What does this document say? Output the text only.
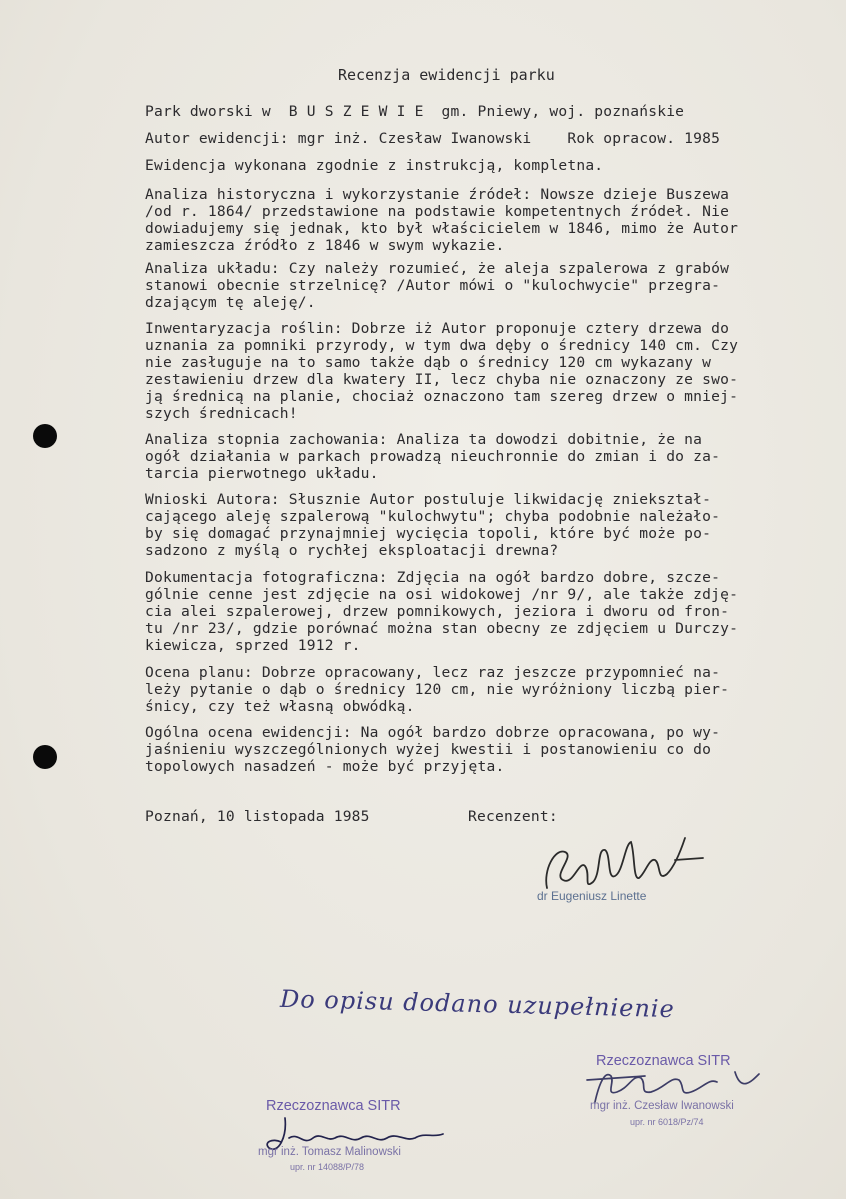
Recenzja ewidencji parku
Park dworski w  B U S Z E W I E  gm. Pniewy, woj. poznańskie
Autor ewidencji: mgr inż. Czesław Iwanowski    Rok opracow. 1985
Ewidencja wykonana zgodnie z instrukcją, kompletna.
Analiza historyczna i wykorzystanie źródeł: Nowsze dzieje Buszewa
/od r. 1864/ przedstawione na podstawie kompetentnych źródeł. Nie
dowiadujemy się jednak, kto był właścicielem w 1846, mimo że Autor
zamieszcza źródło z 1846 w swym wykazie.
Analiza układu: Czy należy rozumieć, że aleja szpalerowa z grabów
stanowi obecnie strzelnicę? /Autor mówi o "kulochwycie" przegra-
dzającym tę aleję/.
Inwentaryzacja roślin: Dobrze iż Autor proponuje cztery drzewa do
uznania za pomniki przyrody, w tym dwa dęby o średnicy 140 cm. Czy
nie zasługuje na to samo także dąb o średnicy 120 cm wykazany w
zestawieniu drzew dla kwatery II, lecz chyba nie oznaczony ze swo-
ją średnicą na planie, chociaż oznaczono tam szereg drzew o mniej-
szych średnicach!
Analiza stopnia zachowania: Analiza ta dowodzi dobitnie, że na
ogół działania w parkach prowadzą nieuchronnie do zmian i do za-
tarcia pierwotnego układu.
Wnioski Autora: Słusznie Autor postuluje likwidację zniekształ-
cającego aleję szpalerową "kulochwytu"; chyba podobnie należało-
by się domagać przynajmniej wycięcia topoli, które być może po-
sadzono z myślą o rychłej eksploatacji drewna?
Dokumentacja fotograficzna: Zdjęcia na ogół bardzo dobre, szcze-
gólnie cenne jest zdjęcie na osi widokowej /nr 9/, ale także zdję-
cia alei szpalerowej, drzew pomnikowych, jeziora i dworu od fron-
tu /nr 23/, gdzie porównać można stan obecny ze zdjęciem u Durczy-
kiewicza, sprzed 1912 r.
Ocena planu: Dobrze opracowany, lecz raz jeszcze przypomnieć na-
leży pytanie o dąb o średnicy 120 cm, nie wyróżniony liczbą pier-
śnicy, czy też własną obwódką.
Ogólna ocena ewidencji: Na ogół bardzo dobrze opracowana, po wy-
jaśnieniu wyszczególnionych wyżej kwestii i postanowieniu co do
topolowych nasadzeń - może być przyjęta.
Poznań, 10 listopada 1985	Recenzent:
dr Eugeniusz Linette
Do opisu dodano uzupełnienie
Rzeczoznawca SITR
mgr inż. Czesław Iwanowski
upr. nr 6018/Pz/74
Rzeczoznawca SITR
mgr inż. Tomasz Malinowski
upr. nr 14088/P/78
